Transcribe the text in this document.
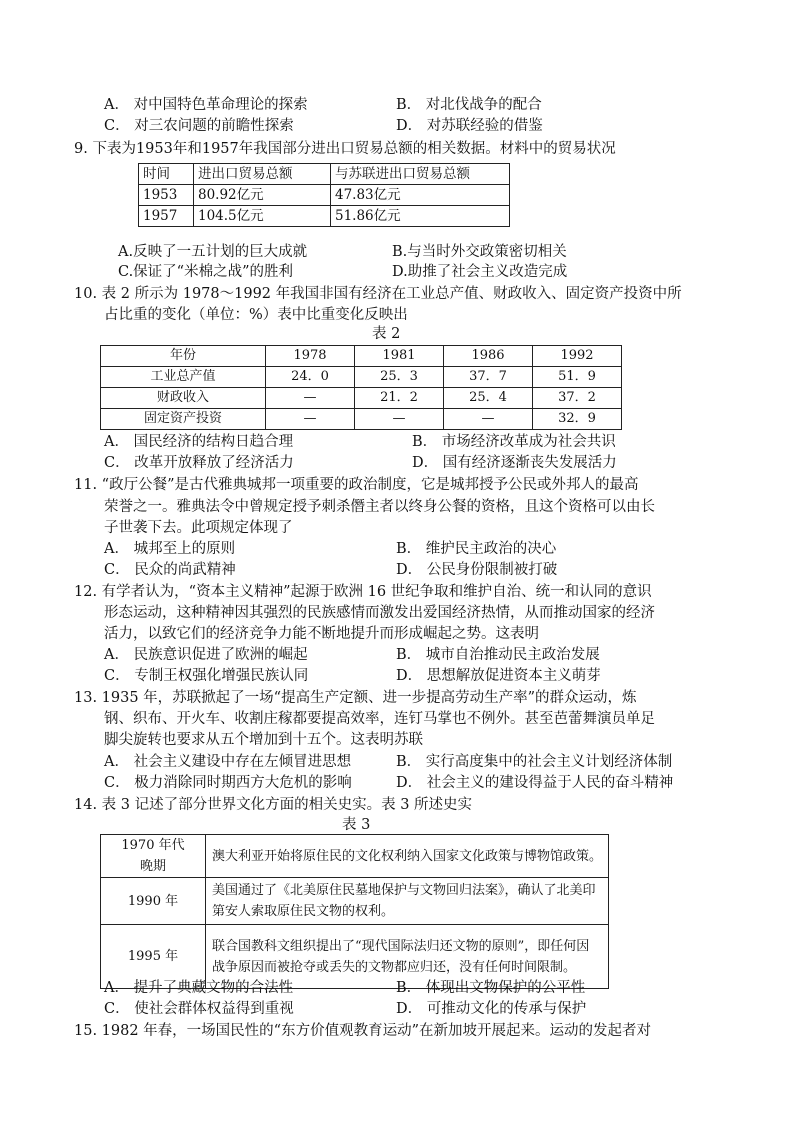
A． 对中国特色革命理论的探索	B． 对北伐战争的配合
C． 对三农问题的前瞻性探索	D． 对苏联经验的借鉴
9. 下表为1953年和1957年我国部分进出口贸易总额的相关数据。材料中的贸易状况
时间	进出口贸易总额	与苏联进出口贸易总额
1953	80.92亿元	47.83亿元
1957	104.5亿元	51.86亿元
A.反映了一五计划的巨大成就	B.与当时外交政策密切相关
C.保证了“米棉之战”的胜利	D.助推了社会主义改造完成
10. 表 2 所示为 1978～1992 年我国非国有经济在工业总产值、财政收入、固定资产投资中所
占比重的变化（单位：%）表中比重变化反映出
表 2
年份	1978	1981	1986	1992
工业总产值	24．0	25．3	37．7	51．9
财政收入	—	21．2	25．4	37．2
固定资产投资	—	—	—	32．9
A． 国民经济的结构日趋合理	B． 市场经济改革成为社会共识
C． 改革开放释放了经济活力	D． 国有经济逐渐丧失发展活力
11. “政厅公餐”是古代雅典城邦一项重要的政治制度，它是城邦授予公民或外邦人的最高
荣誉之一。雅典法令中曾规定授予刺杀僭主者以终身公餐的资格，且这个资格可以由长
子世袭下去。此项规定体现了
A． 城邦至上的原则	B． 维护民主政治的决心
C． 民众的尚武精神	D． 公民身份限制被打破
12. 有学者认为，“资本主义精神”起源于欧洲 16 世纪争取和维护自治、统一和认同的意识
形态运动，这种精神因其强烈的民族感情而激发出爱国经济热情，从而推动国家的经济
活力，以致它们的经济竞争力能不断地提升而形成崛起之势。这表明
A． 民族意识促进了欧洲的崛起	B． 城市自治推动民主政治发展
C． 专制王权强化增强民族认同	D． 思想解放促进资本主义萌芽
13. 1935 年，苏联掀起了一场“提高生产定额、进一步提高劳动生产率”的群众运动，炼
钢、织布、开火车、收割庄稼都要提高效率，连钉马掌也不例外。甚至芭蕾舞演员单足
脚尖旋转也要求从五个增加到十五个。这表明苏联
A． 社会主义建设中存在左倾冒进思想	B． 实行高度集中的社会主义计划经济体制
C． 极力消除同时期西方大危机的影响	D． 社会主义的建设得益于人民的奋斗精神
14. 表 3 记述了部分世界文化方面的相关史实。表 3 所述史实
表 3
1970 年代
晚期	澳大利亚开始将原住民的文化权利纳入国家文化政策与博物馆政策。
1990 年	美国通过了《北美原住民墓地保护与文物回归法案》，确认了北美印第安人索取原住民文物的权利。
1995 年	联合国教科文组织提出了“现代国际法归还文物的原则”，即任何因战争原因而被抢夺或丢失的文物都应归还，没有任何时间限制。
A． 提升了典藏文物的合法性	B． 体现出文物保护的公平性
C． 使社会群体权益得到重视	D． 可推动文化的传承与保护
15. 1982 年春，一场国民性的“东方价值观教育运动”在新加坡开展起来。运动的发起者对
